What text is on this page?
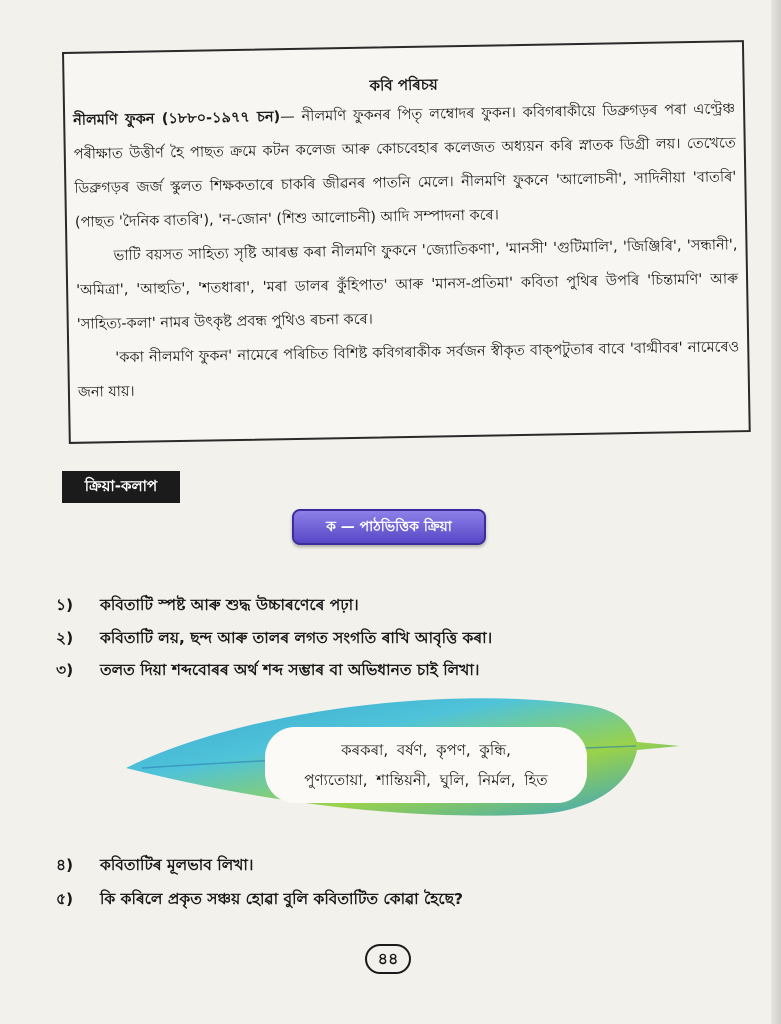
কবি পৰিচয়

নীলমণি ফুকন (১৮৮০-১৯৭৭ চন)— নীলমণি ফুকনৰ পিতৃ লম্বোদৰ ফুকন। কবিগৰাকীয়ে ডিব্ৰুগড়ৰ পৰা এণ্ট্ৰেঞ্চ পৰীক্ষাত উত্তীৰ্ণ হৈ পাছত ক্ৰমে কটন কলেজ আৰু কোচবেহাৰ কলেজত অধ্যয়ন কৰি স্নাতক ডিগ্ৰী লয়। তেখেতে ডিব্ৰুগড়ৰ জৰ্জ স্কুলত শিক্ষকতাৰে চাকৰি জীৱনৰ পাতনি মেলে। নীলমণি ফুকনে 'আলোচনী', সাদিনীয়া 'বাতৰি' (পাছত 'দৈনিক বাতৰি'), 'ন-জোন' (শিশু আলোচনী) আদি সম্পাদনা কৰে।

ভাটি বয়সত সাহিত্য সৃষ্টি আৰম্ভ কৰা নীলমণি ফুকনে 'জ্যোতিকণা', 'মানসী' 'গুটিমালি', 'জিঞ্জিৰি', 'সন্ধানী', 'অমিত্ৰা', 'আহুতি', 'শতধাৰা', 'মৰা ডালৰ কুঁহিপাত' আৰু 'মানস-প্ৰতিমা' কবিতা পুথিৰ উপৰি 'চিন্তামণি' আৰু 'সাহিত্য-কলা' নামৰ উৎকৃষ্ট প্ৰবন্ধ পুথিও ৰচনা কৰে।

'ককা নীলমণি ফুকন' নামেৰে পৰিচিত বিশিষ্ট কবিগৰাকীক সৰ্বজন স্বীকৃত বাক্পটুতাৰ বাবে 'বাগ্মীবৰ' নামেৰেও জনা যায়।

ক্ৰিয়া-কলাপ
ক — পাঠভিত্তিক ক্ৰিয়া
১) কবিতাটি স্পষ্ট আৰু শুদ্ধ উচ্চাৰণেৰে পঢ়া।
২) কবিতাটি লয়, ছন্দ আৰু তালৰ লগত সংগতি ৰাখি আবৃত্তি কৰা।
৩) তলত দিয়া শব্দবোৰৰ অৰ্থ শব্দ সম্ভাৰ বা অভিধানত চাই লিখা।
৪) কবিতাটিৰ মূলভাব লিখা।
৫) কি কৰিলে প্ৰকৃত সঞ্চয় হোৱা বুলি কবিতাটিত কোৱা হৈছে?
কৰকৰা, বৰ্ষণ, কৃপণ, কুন্ধি,
পুণ্যতোয়া, শান্তিয়নী, ঘুলি, নিৰ্মল, হিত
৪৪
